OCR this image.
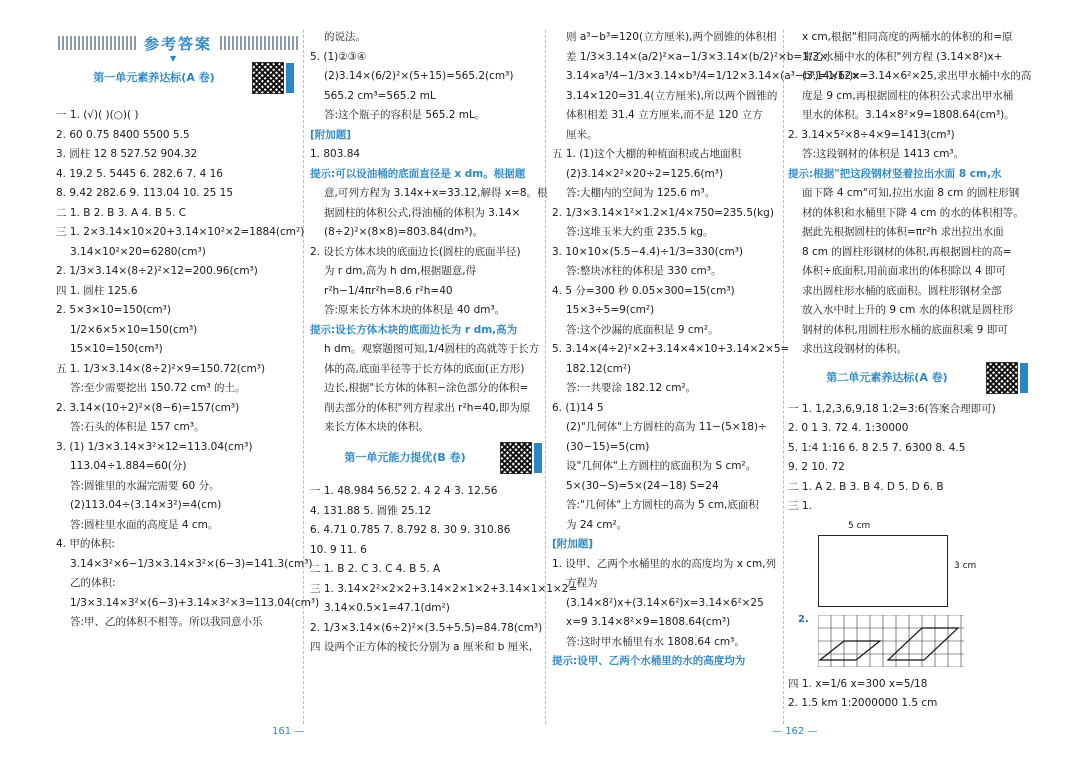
参考答案
▼
第一单元素养达标(A 卷)
一 1. (√)( )(○)( )
2. 60 0.75 8400 5500 5.5
3. 圆柱 12 8 527.52 904.32
4. 19.2 5. 5445 6. 282.6 7. 4 16
8. 9.42 282.6 9. 113.04 10. 25 15
二 1. B 2. B 3. A 4. B 5. C
三 1. 2×3.14×10×20+3.14×10²×2=1884(cm²)
3.14×10²×20=6280(cm³)
2. 1/3×3.14×(8÷2)²×12=200.96(cm³)
四 1. 圆柱 125.6
2. 5×3×10=150(cm³)
1/2×6×5×10=150(cm³)
15×10=150(cm³)
五 1. 1/3×3.14×(8÷2)²×9=150.72(cm³)
答:至少需要挖出 150.72 cm³ 的土。
2. 3.14×(10÷2)²×(8−6)=157(cm³)
答:石头的体积是 157 cm³。
3. (1) 1/3×3.14×3²×12=113.04(cm³)
113.04÷1.884=60(分)
答:圆锥里的水漏完需要 60 分。
(2)113.04÷(3.14×3²)=4(cm)
答:圆柱里水面的高度是 4 cm。
4. 甲的体积:
3.14×3²×6−1/3×3.14×3²×(6−3)=141.3(cm³)
乙的体积:
1/3×3.14×3²×(6−3)+3.14×3²×3=113.04(cm³)
答:甲、乙的体积不相等。所以我同意小乐
的说法。
5. (1)②③④
(2)3.14×(6/2)²×(5+15)=565.2(cm³)
565.2 cm³=565.2 mL
答:这个瓶子的容积是 565.2 mL。
[附加题]
1. 803.84
提示:可以设油桶的底面直径是 x dm。根据题
意,可列方程为 3.14x+x=33.12,解得 x=8。根
据圆柱的体积公式,得油桶的体积为 3.14×
(8÷2)²×(8×8)=803.84(dm³)。
2. 设长方体木块的底面边长(圆柱的底面半径)
为 r dm,高为 h dm,根据题意,得
r²h−1/4πr²h=8.6 r²h=40
答:原来长方体木块的体积是 40 dm³。
提示:设长方体木块的底面边长为 r dm,高为
h dm。观察题图可知,1/4圆柱的高就等于长方
体的高,底面半径等于长方体的底面(正方形)
边长,根据"长方体的体积−涂色部分的体积=
削去部分的体积"列方程求出 r²h=40,即为原
来长方体木块的体积。
第一单元能力提优(B 卷)
一 1. 48.984 56.52 2. 4 2 4 3. 12.56
4. 131.88 5. 圆锥 25.12
6. 4.71 0.785 7. 8.792 8. 30 9. 310.86
10. 9 11. 6
二 1. B 2. C 3. C 4. B 5. A
三 1. 3.14×2²×2×2+3.14×2×1×2+3.14×1×1×2=
3.14×0.5×1=47.1(dm²)
2. 1/3×3.14×(6÷2)²×(3.5+5.5)=84.78(cm³)
四 设两个正方体的棱长分别为 a 厘米和 b 厘米,
则 a³−b³=120(立方厘米),两个圆锥的体积相
差 1/3×3.14×(a/2)²×a−1/3×3.14×(b/2)²×b=1/3×
3.14×a³/4−1/3×3.14×b³/4=1/12×3.14×(a³−b³)=1/12×
3.14×120=31.4(立方厘米),所以两个圆锥的
体积相差 31.4 立方厘米,而不是 120 立方
厘米。
五 1. (1)这个大棚的种植面积或占地面积
(2)3.14×2²×20÷2=125.6(m³)
答:大棚内的空间为 125.6 m³。
2. 1/3×3.14×1²×1.2×1/4×750=235.5(kg)
答:这堆玉米大约重 235.5 kg。
3. 10×10×(5.5−4.4)÷1/3=330(cm³)
答:整块冰柱的体积是 330 cm³。
4. 5 分=300 秒 0.05×300=15(cm³)
15×3÷5=9(cm²)
答:这个沙漏的底面积是 9 cm²。
5. 3.14×(4÷2)²×2+3.14×4×10+3.14×2×5=
182.12(cm²)
答:一共要涂 182.12 cm²。
6. (1)14 5
(2)"几何体"上方圆柱的高为 11−(5×18)÷
(30−15)=5(cm)
设"几何体"上方圆柱的底面积为 S cm²。
5×(30−S)=5×(24−18) S=24
答:"几何体"上方圆柱的高为 5 cm,底面积
为 24 cm²。
[附加题]
1. 设甲、乙两个水桶里的水的高度均为 x cm,列
方程为
(3.14×8²)x+(3.14×6²)x=3.14×6²×25
x=9 3.14×8²×9=1808.64(cm³)
答:这时甲水桶里有水 1808.64 cm³。
提示:设甲、乙两个水桶里的水的高度均为
x cm,根据"相同高度的两桶水的体积的和=原
来乙水桶中水的体积"列方程 (3.14×8²)x+
(3.14×6²)x=3.14×6²×25,求出甲水桶中水的高
度是 9 cm,再根据圆柱的体积公式求出甲水桶
里水的体积。3.14×8²×9=1808.64(cm³)。
2. 3.14×5²×8÷4×9=1413(cm³)
答:这段钢材的体积是 1413 cm³。
提示:根据"把这段钢材竖着拉出水面 8 cm,水
面下降 4 cm"可知,拉出水面 8 cm 的圆柱形钢
材的体积和水桶里下降 4 cm 的水的体积相等。
据此先根据圆柱的体积=πr²h 求出拉出水面
8 cm 的圆柱形钢材的体积,再根据圆柱的高=
体积÷底面积,用前面求出的体积除以 4 即可
求出圆柱形水桶的底面积。圆柱形钢材全部
放入水中时上升的 9 cm 水的体积就是圆柱形
钢材的体积,用圆柱形水桶的底面积乘 9 即可
求出这段钢材的体积。
第二单元素养达标(A 卷)
一 1. 1,2,3,6,9,18 1:2=3:6(答案合理即可)
2. 0 1 3. 72 4. 1:30000
5. 1:4 1:16 6. 8 2.5 7. 6300 8. 4.5
9. 2 10. 72
二 1. A 2. B 3. B 4. D 5. D 6. B
三 1.
5 cm
3 cm
2.
四 1. x=1/6 x=300 x=5/18
2. 1.5 km 1:2000000 1.5 cm
161 —	— 162 —
